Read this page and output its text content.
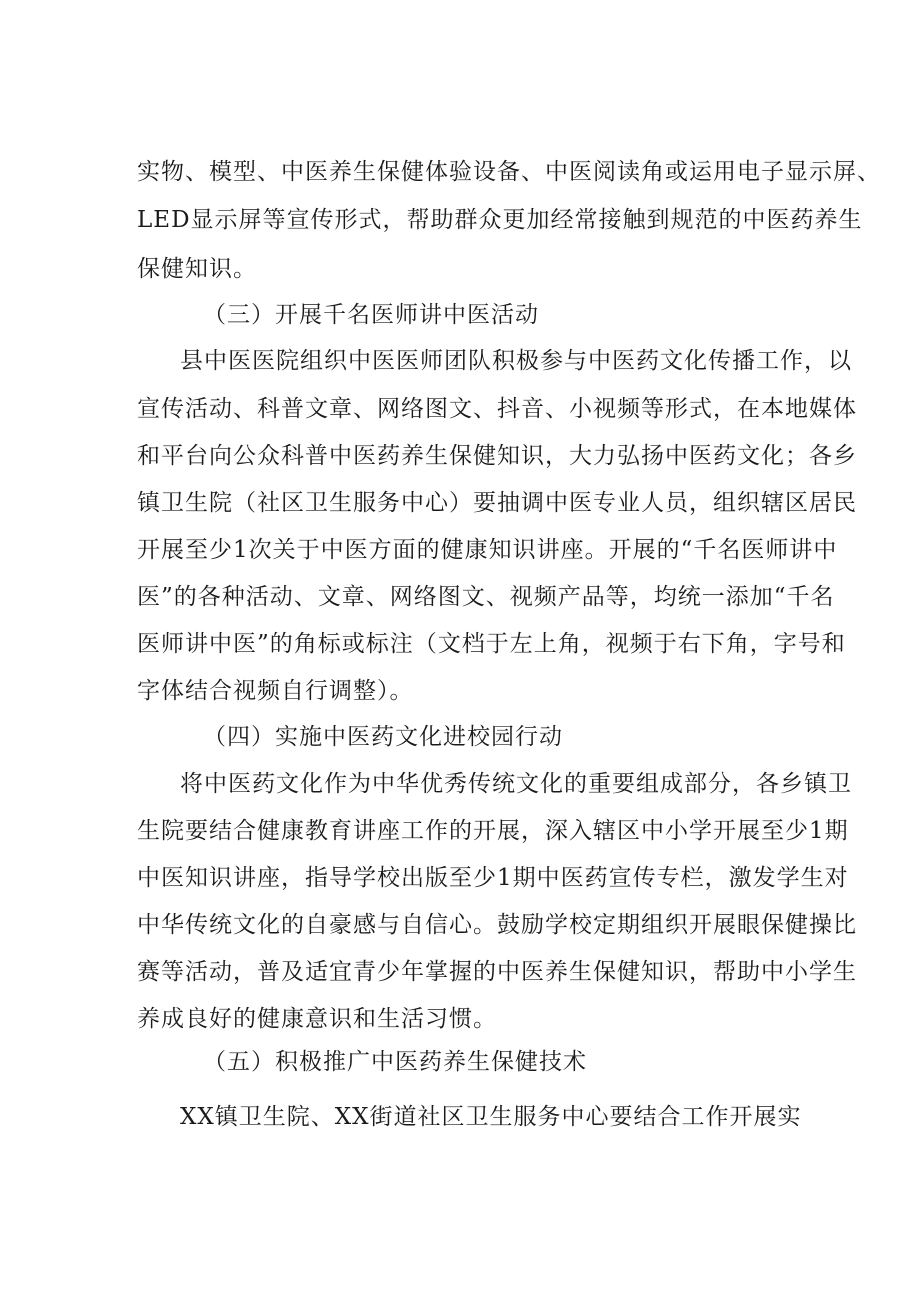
实物、模型、中医养生保健体验设备、中医阅读角或运用电子显示屏、
LED显示屏等宣传形式，帮助群众更加经常接触到规范的中医药养生
保健知识。
（三）开展千名医师讲中医活动
县中医医院组织中医医师团队积极参与中医药文化传播工作，以
宣传活动、科普文章、网络图文、抖音、小视频等形式，在本地媒体
和平台向公众科普中医药养生保健知识，大力弘扬中医药文化；各乡
镇卫生院（社区卫生服务中心）要抽调中医专业人员，组织辖区居民
开展至少1次关于中医方面的健康知识讲座。开展的“千名医师讲中
医”的各种活动、文章、网络图文、视频产品等，均统一添加“千名
医师讲中医”的角标或标注（文档于左上角，视频于右下角，字号和
字体结合视频自行调整）。
（四）实施中医药文化进校园行动
将中医药文化作为中华优秀传统文化的重要组成部分，各乡镇卫
生院要结合健康教育讲座工作的开展，深入辖区中小学开展至少1期
中医知识讲座，指导学校出版至少1期中医药宣传专栏，激发学生对
中华传统文化的自豪感与自信心。鼓励学校定期组织开展眼保健操比
赛等活动，普及适宜青少年掌握的中医养生保健知识，帮助中小学生
养成良好的健康意识和生活习惯。
（五）积极推广中医药养生保健技术
XX镇卫生院、XX街道社区卫生服务中心要结合工作开展实
